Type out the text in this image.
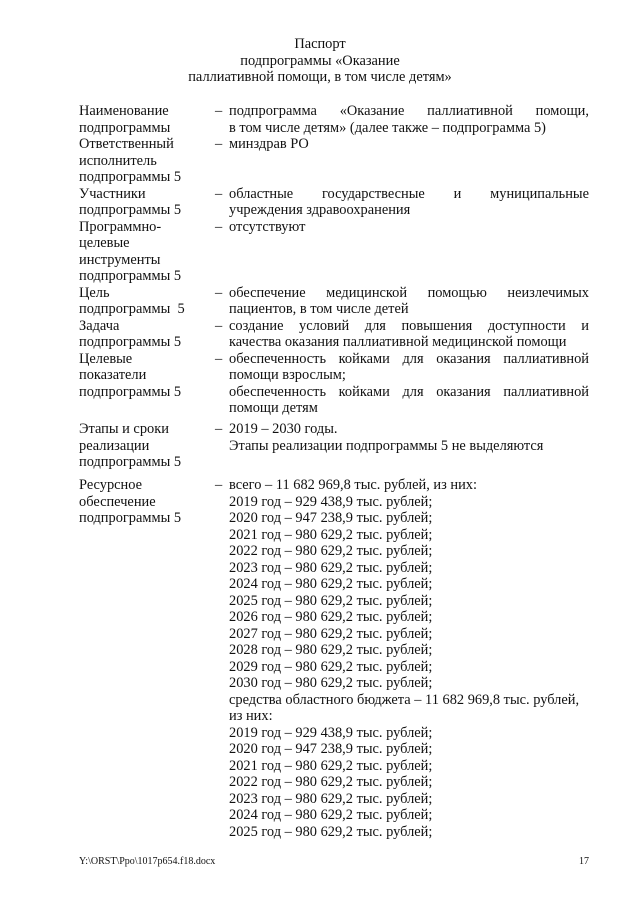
Паспорт
подпрограммы «Оказание
паллиативной помощи, в том числе детям»
Наименование
подпрограммы
– подпрограмма «Оказание паллиативной помощи,
в том числе детям» (далее также – подпрограмма 5)
Ответственный
исполнитель
подпрограммы 5
– минздрав РО
Участники
подпрограммы 5
– областные государствесные и муниципальные
учреждения здравоохранения
Программно-
целевые
инструменты
подпрограммы 5
– отсутствуют
Цель
подпрограммы  5
– обеспечение медицинской помощью неизлечимых
пациентов, в том числе детей
Задача
подпрограммы 5
– создание условий для повышения доступности и
качества оказания паллиативной медицинской помощи
Целевые
показатели
подпрограммы 5
– обеспеченность койками для оказания паллиативной
помощи взрослым;
обеспеченность койками для оказания паллиативной
помощи детям
Этапы и сроки
реализации
подпрограммы 5
– 2019 – 2030 годы.
Этапы реализации подпрограммы 5 не выделяются
Ресурсное
обеспечение
подпрограммы 5
– всего – 11 682 969,8 тыс. рублей, из них:
2019 год – 929 438,9 тыс. рублей;
2020 год – 947 238,9 тыс. рублей;
2021 год – 980 629,2 тыс. рублей;
2022 год – 980 629,2 тыс. рублей;
2023 год – 980 629,2 тыс. рублей;
2024 год – 980 629,2 тыс. рублей;
2025 год – 980 629,2 тыс. рублей;
2026 год – 980 629,2 тыс. рублей;
2027 год – 980 629,2 тыс. рублей;
2028 год – 980 629,2 тыс. рублей;
2029 год – 980 629,2 тыс. рублей;
2030 год – 980 629,2 тыс. рублей;
средства областного бюджета – 11 682 969,8 тыс. рублей,
из них:
2019 год – 929 438,9 тыс. рублей;
2020 год – 947 238,9 тыс. рублей;
2021 год – 980 629,2 тыс. рублей;
2022 год – 980 629,2 тыс. рублей;
2023 год – 980 629,2 тыс. рублей;
2024 год – 980 629,2 тыс. рублей;
2025 год – 980 629,2 тыс. рублей;
Y:\ORST\Ppo\1017p654.f18.docx	17
